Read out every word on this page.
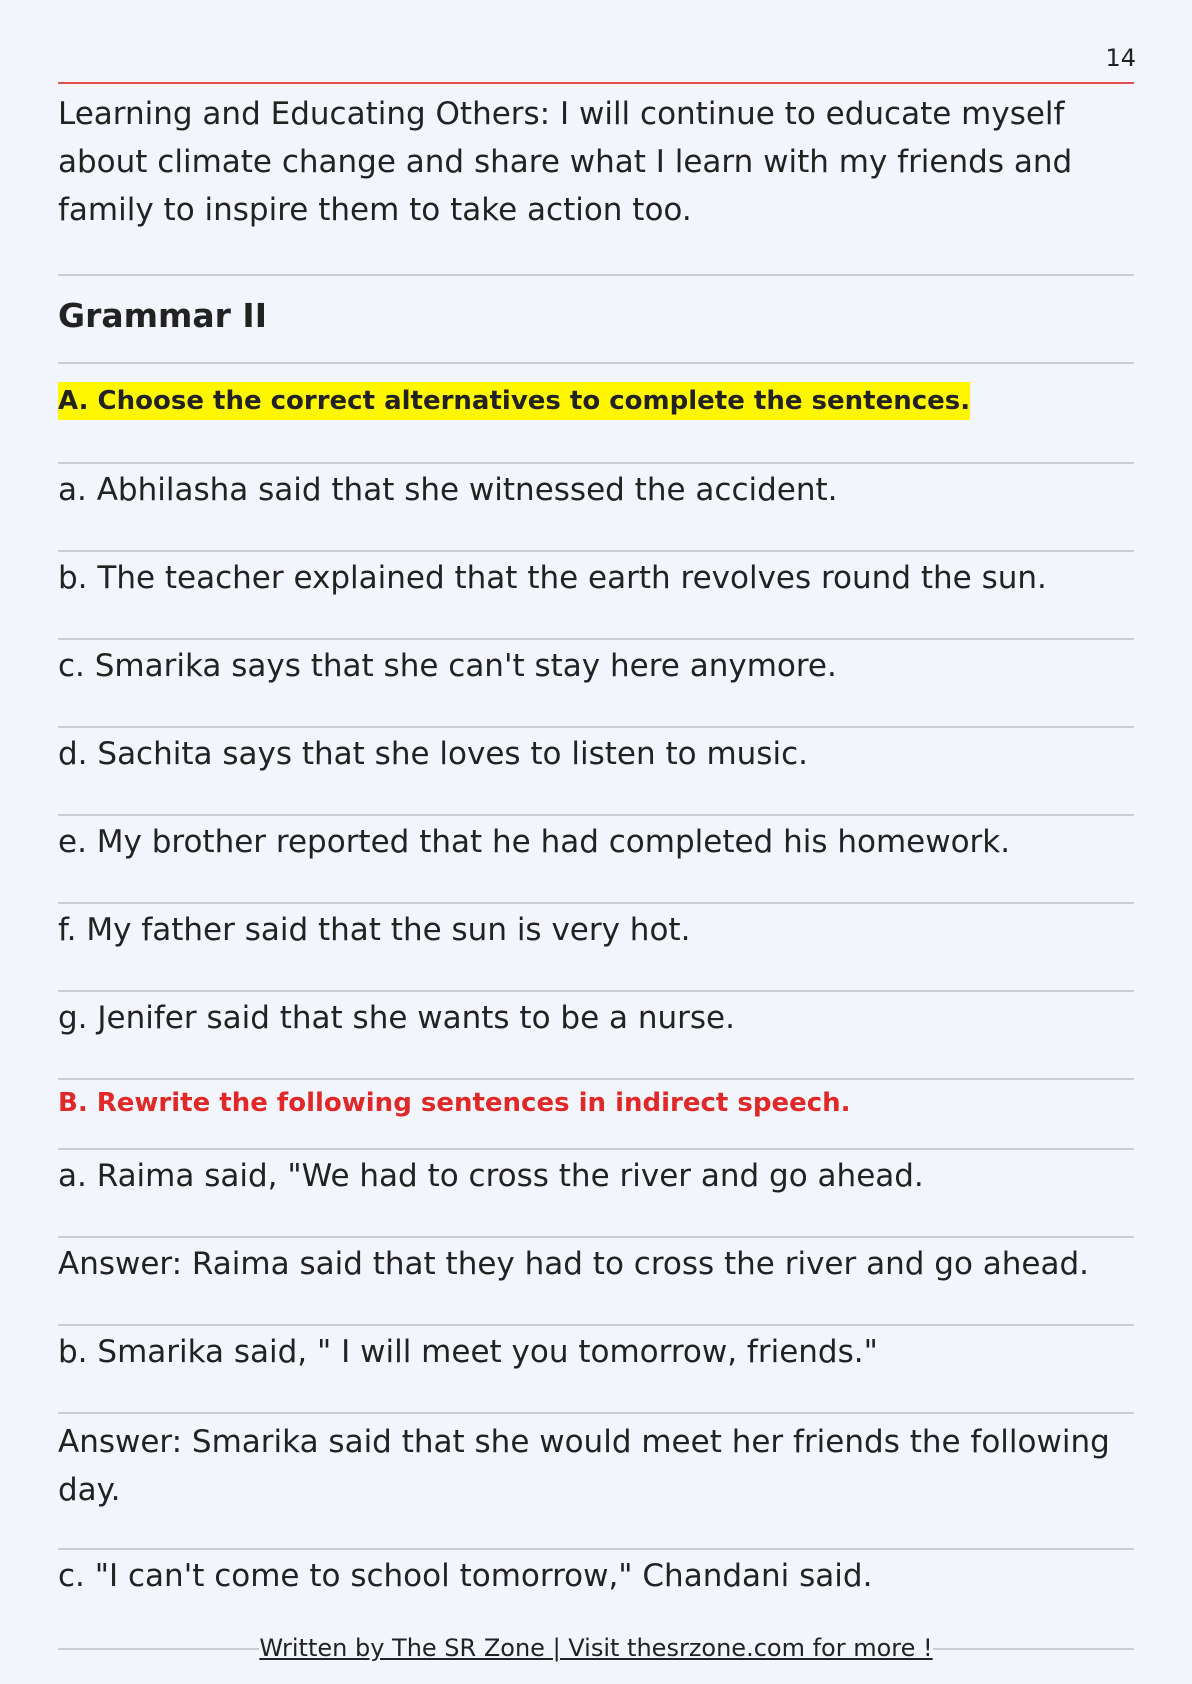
14
Learning and Educating Others: I will continue to educate myself about climate change and share what I learn with my friends and family to inspire them to take action too.
Grammar II
A. Choose the correct alternatives to complete the sentences.
a. Abhilasha said that she witnessed the accident.
b. The teacher explained that the earth revolves round the sun.
c. Smarika says that she can't stay here anymore.
d. Sachita says that she loves to listen to music.
e. My brother reported that he had completed his homework.
f. My father said that the sun is very hot.
g. Jenifer said that she wants to be a nurse.
B. Rewrite the following sentences in indirect speech.
a. Raima said, "We had to cross the river and go ahead.
Answer: Raima said that they had to cross the river and go ahead.
b. Smarika said, " I will meet you tomorrow, friends."
Answer: Smarika said that she would meet her friends the following day.
c. "I can't come to school tomorrow," Chandani said.
Written by The SR Zone | Visit thesrzone.com for more !
